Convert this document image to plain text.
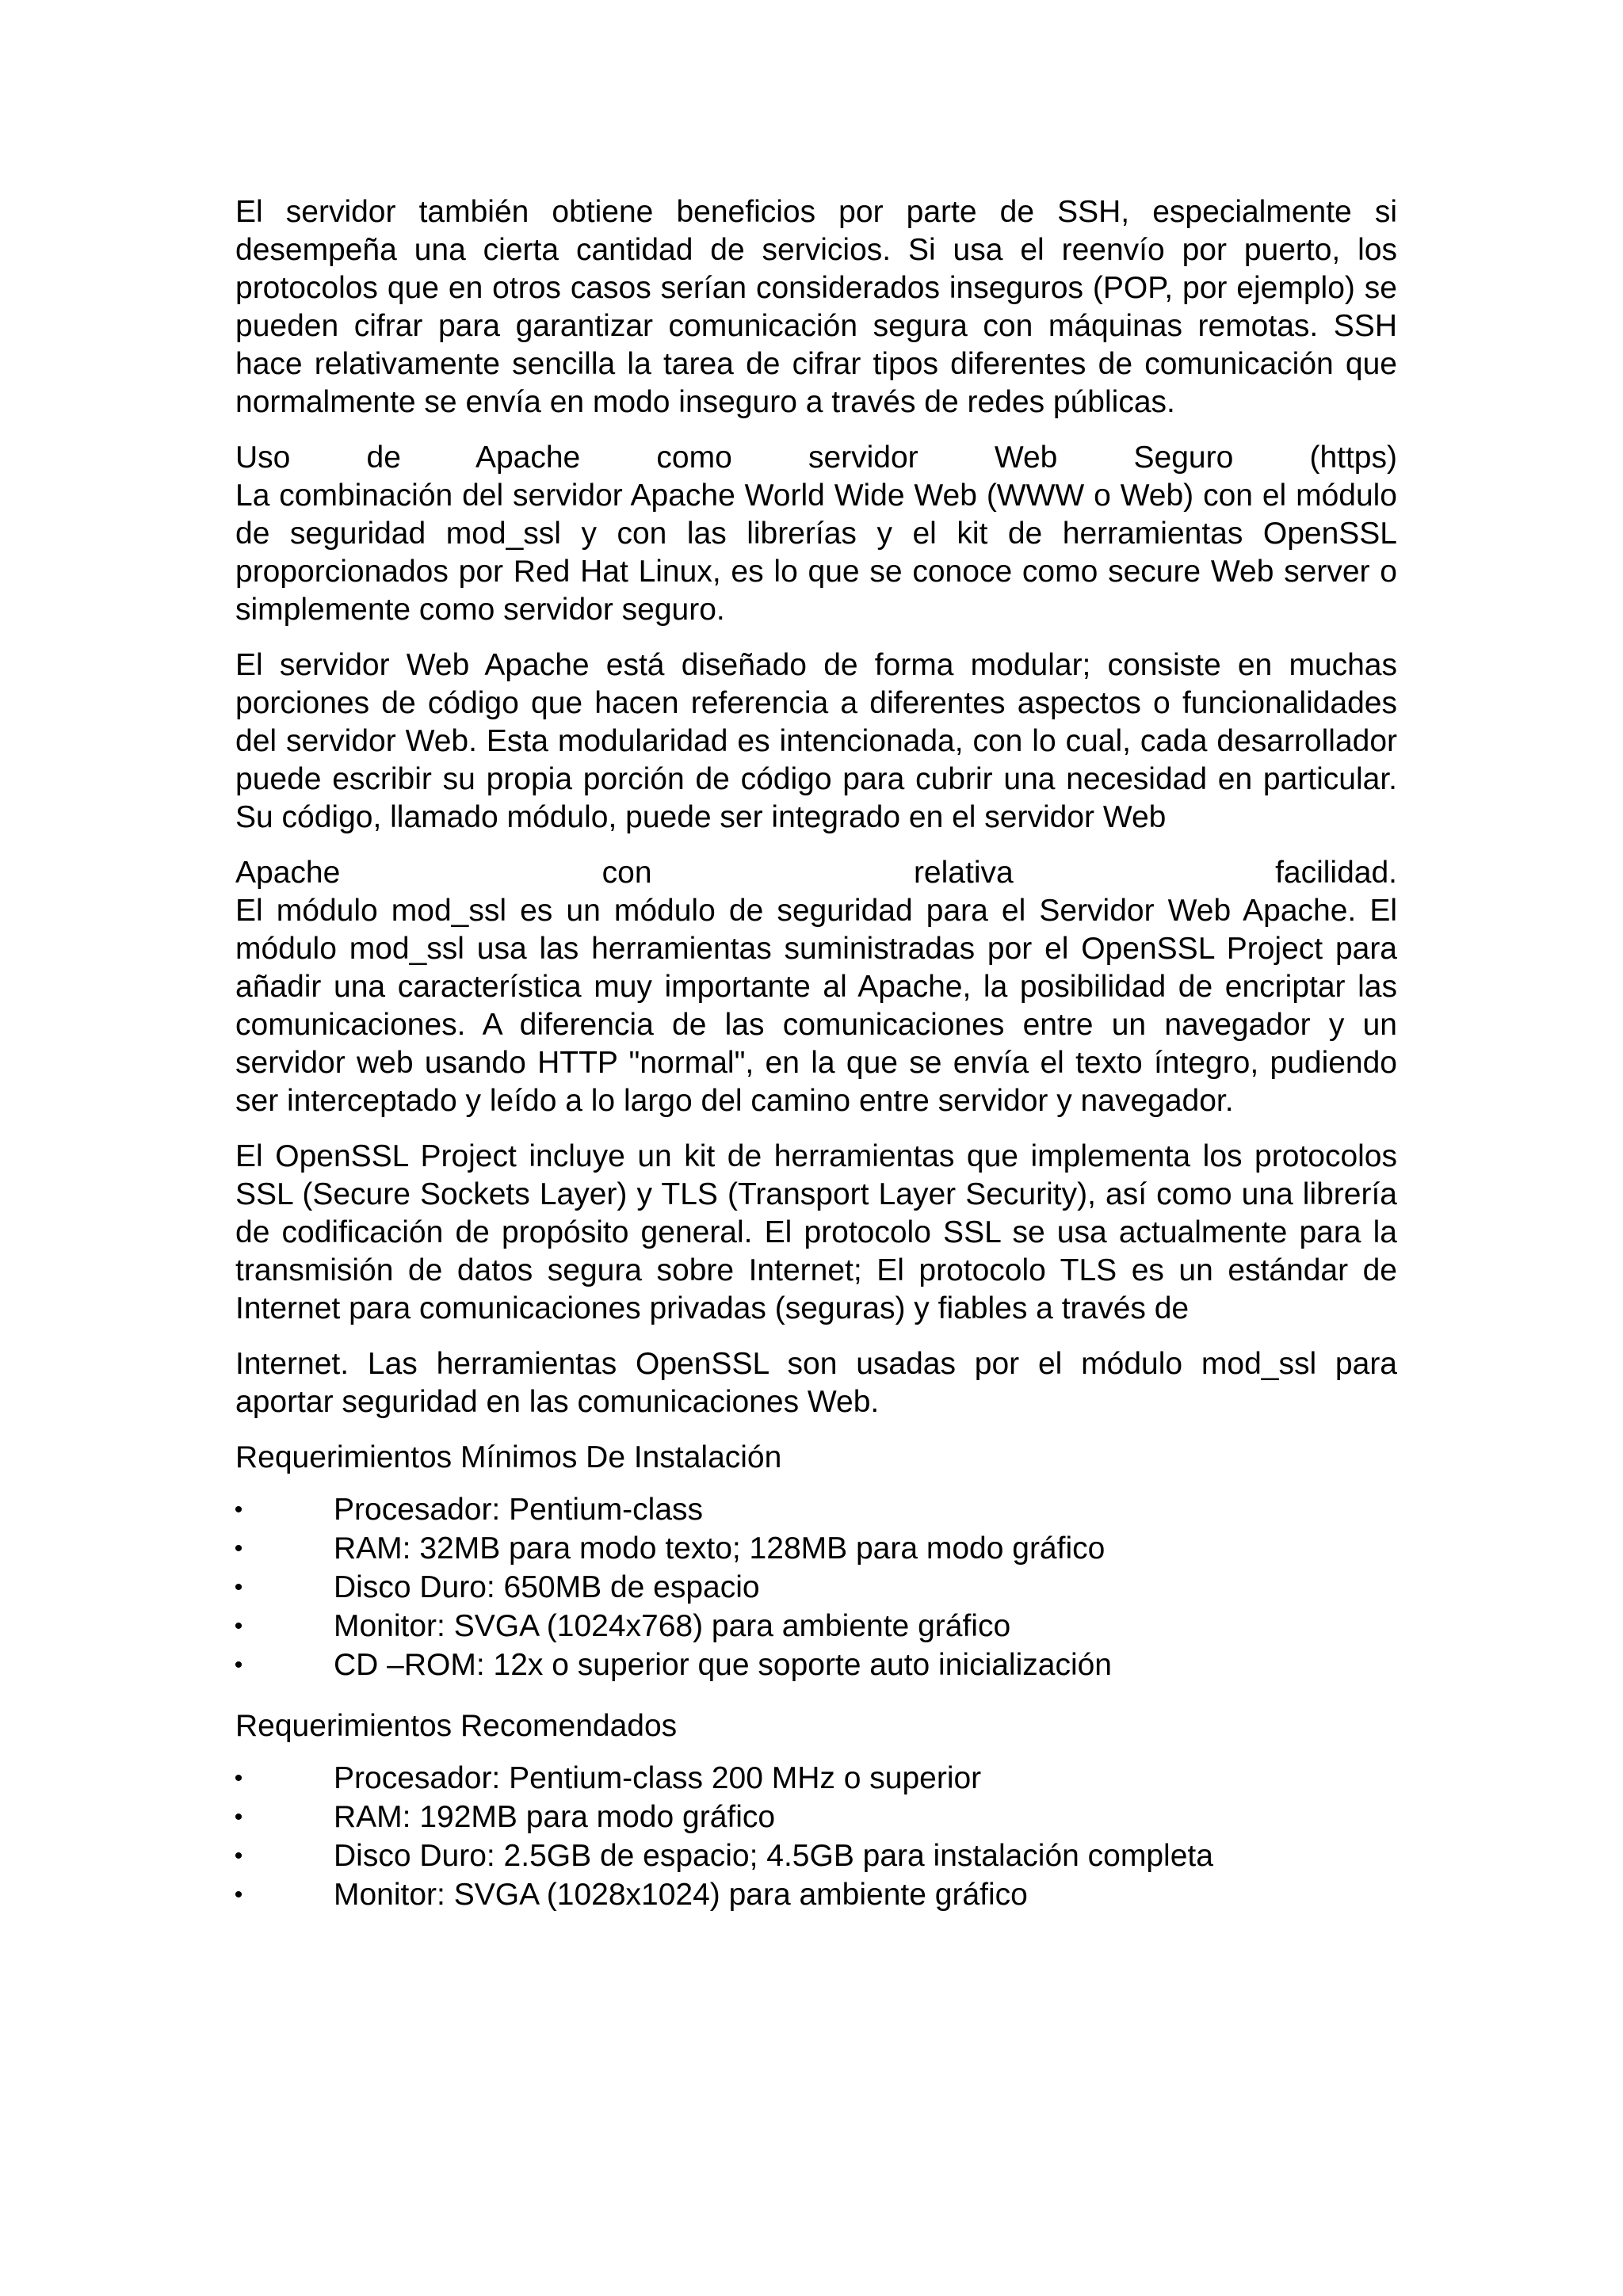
El servidor también obtiene beneficios por parte de SSH, especialmente si desempeña una cierta cantidad de servicios. Si usa el reenvío por puerto, los protocolos que en otros casos serían considerados inseguros (POP, por ejemplo) se pueden cifrar para garantizar comunicación segura con máquinas remotas. SSH hace relativamente sencilla la tarea de cifrar tipos diferentes de comunicación que normalmente se envía en modo inseguro a través de redes públicas.

Uso de Apache como servidor Web Seguro (https)
La combinación del servidor Apache World Wide Web (WWW o Web) con el módulo de seguridad mod_ssl y con las librerías y el kit de herramientas OpenSSL proporcionados por Red Hat Linux, es lo que se conoce como secure Web server o simplemente como servidor seguro.

El servidor Web Apache está diseñado de forma modular; consiste en muchas porciones de código que hacen referencia a diferentes aspectos o funcionalidades del servidor Web. Esta modularidad es intencionada, con lo cual, cada desarrollador puede escribir su propia porción de código para cubrir una necesidad en particular. Su código, llamado módulo, puede ser integrado en el servidor Web

Apache con relativa facilidad.
El módulo mod_ssl es un módulo de seguridad para el Servidor Web Apache. El módulo mod_ssl usa las herramientas suministradas por el OpenSSL Project para añadir una característica muy importante al Apache, la posibilidad de encriptar las comunicaciones. A diferencia de las comunicaciones entre un navegador y un servidor web usando HTTP "normal", en la que se envía el texto íntegro, pudiendo ser interceptado y leído a lo largo del camino entre servidor y navegador.

El OpenSSL Project incluye un kit de herramientas que implementa los protocolos SSL (Secure Sockets Layer) y TLS (Transport Layer Security), así como una librería de codificación de propósito general. El protocolo SSL se usa actualmente para la transmisión de datos segura sobre Internet; El protocolo TLS es un estándar de Internet para comunicaciones privadas (seguras) y fiables a través de

Internet. Las herramientas OpenSSL son usadas por el módulo mod_ssl para aportar seguridad en las comunicaciones Web.

Requerimientos Mínimos De Instalación

•	Procesador: Pentium-class
•	RAM: 32MB para modo texto; 128MB para modo gráfico
•	Disco Duro: 650MB de espacio
•	Monitor: SVGA (1024x768) para ambiente gráfico
•	CD –ROM: 12x o superior que soporte auto inicialización

Requerimientos Recomendados

•	Procesador: Pentium-class 200 MHz o superior
•	RAM: 192MB para modo gráfico
•	Disco Duro: 2.5GB de espacio; 4.5GB para instalación completa
•	Monitor: SVGA (1028x1024) para ambiente gráfico
